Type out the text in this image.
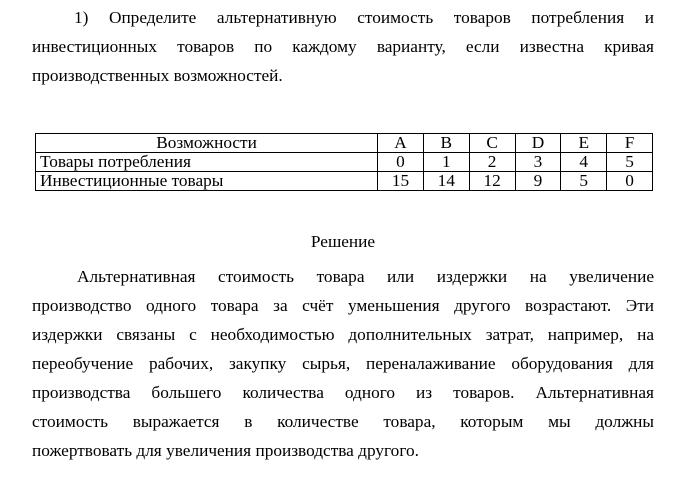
1) Определите альтернативную стоимость товаров потребления и
инвестиционных товаров по каждому варианту, если известна кривая
производственных возможностей.

Возможности	A	B	C	D	E	F
Товары потребления	0	1	2	3	4	5
Инвестиционные товары	15	14	12	9	5	0
Решение

Альтернативная стоимость товара или издержки на увеличение
производство одного товара за счёт уменьшения другого возрастают. Эти
издержки связаны с необходимостью дополнительных затрат, например, на
переобучение рабочих, закупку сырья, переналаживание оборудования для
производства большего количества одного из товаров. Альтернативная
стоимость выражается в количестве товара, которым мы должны
пожертвовать для увеличения производства другого.
